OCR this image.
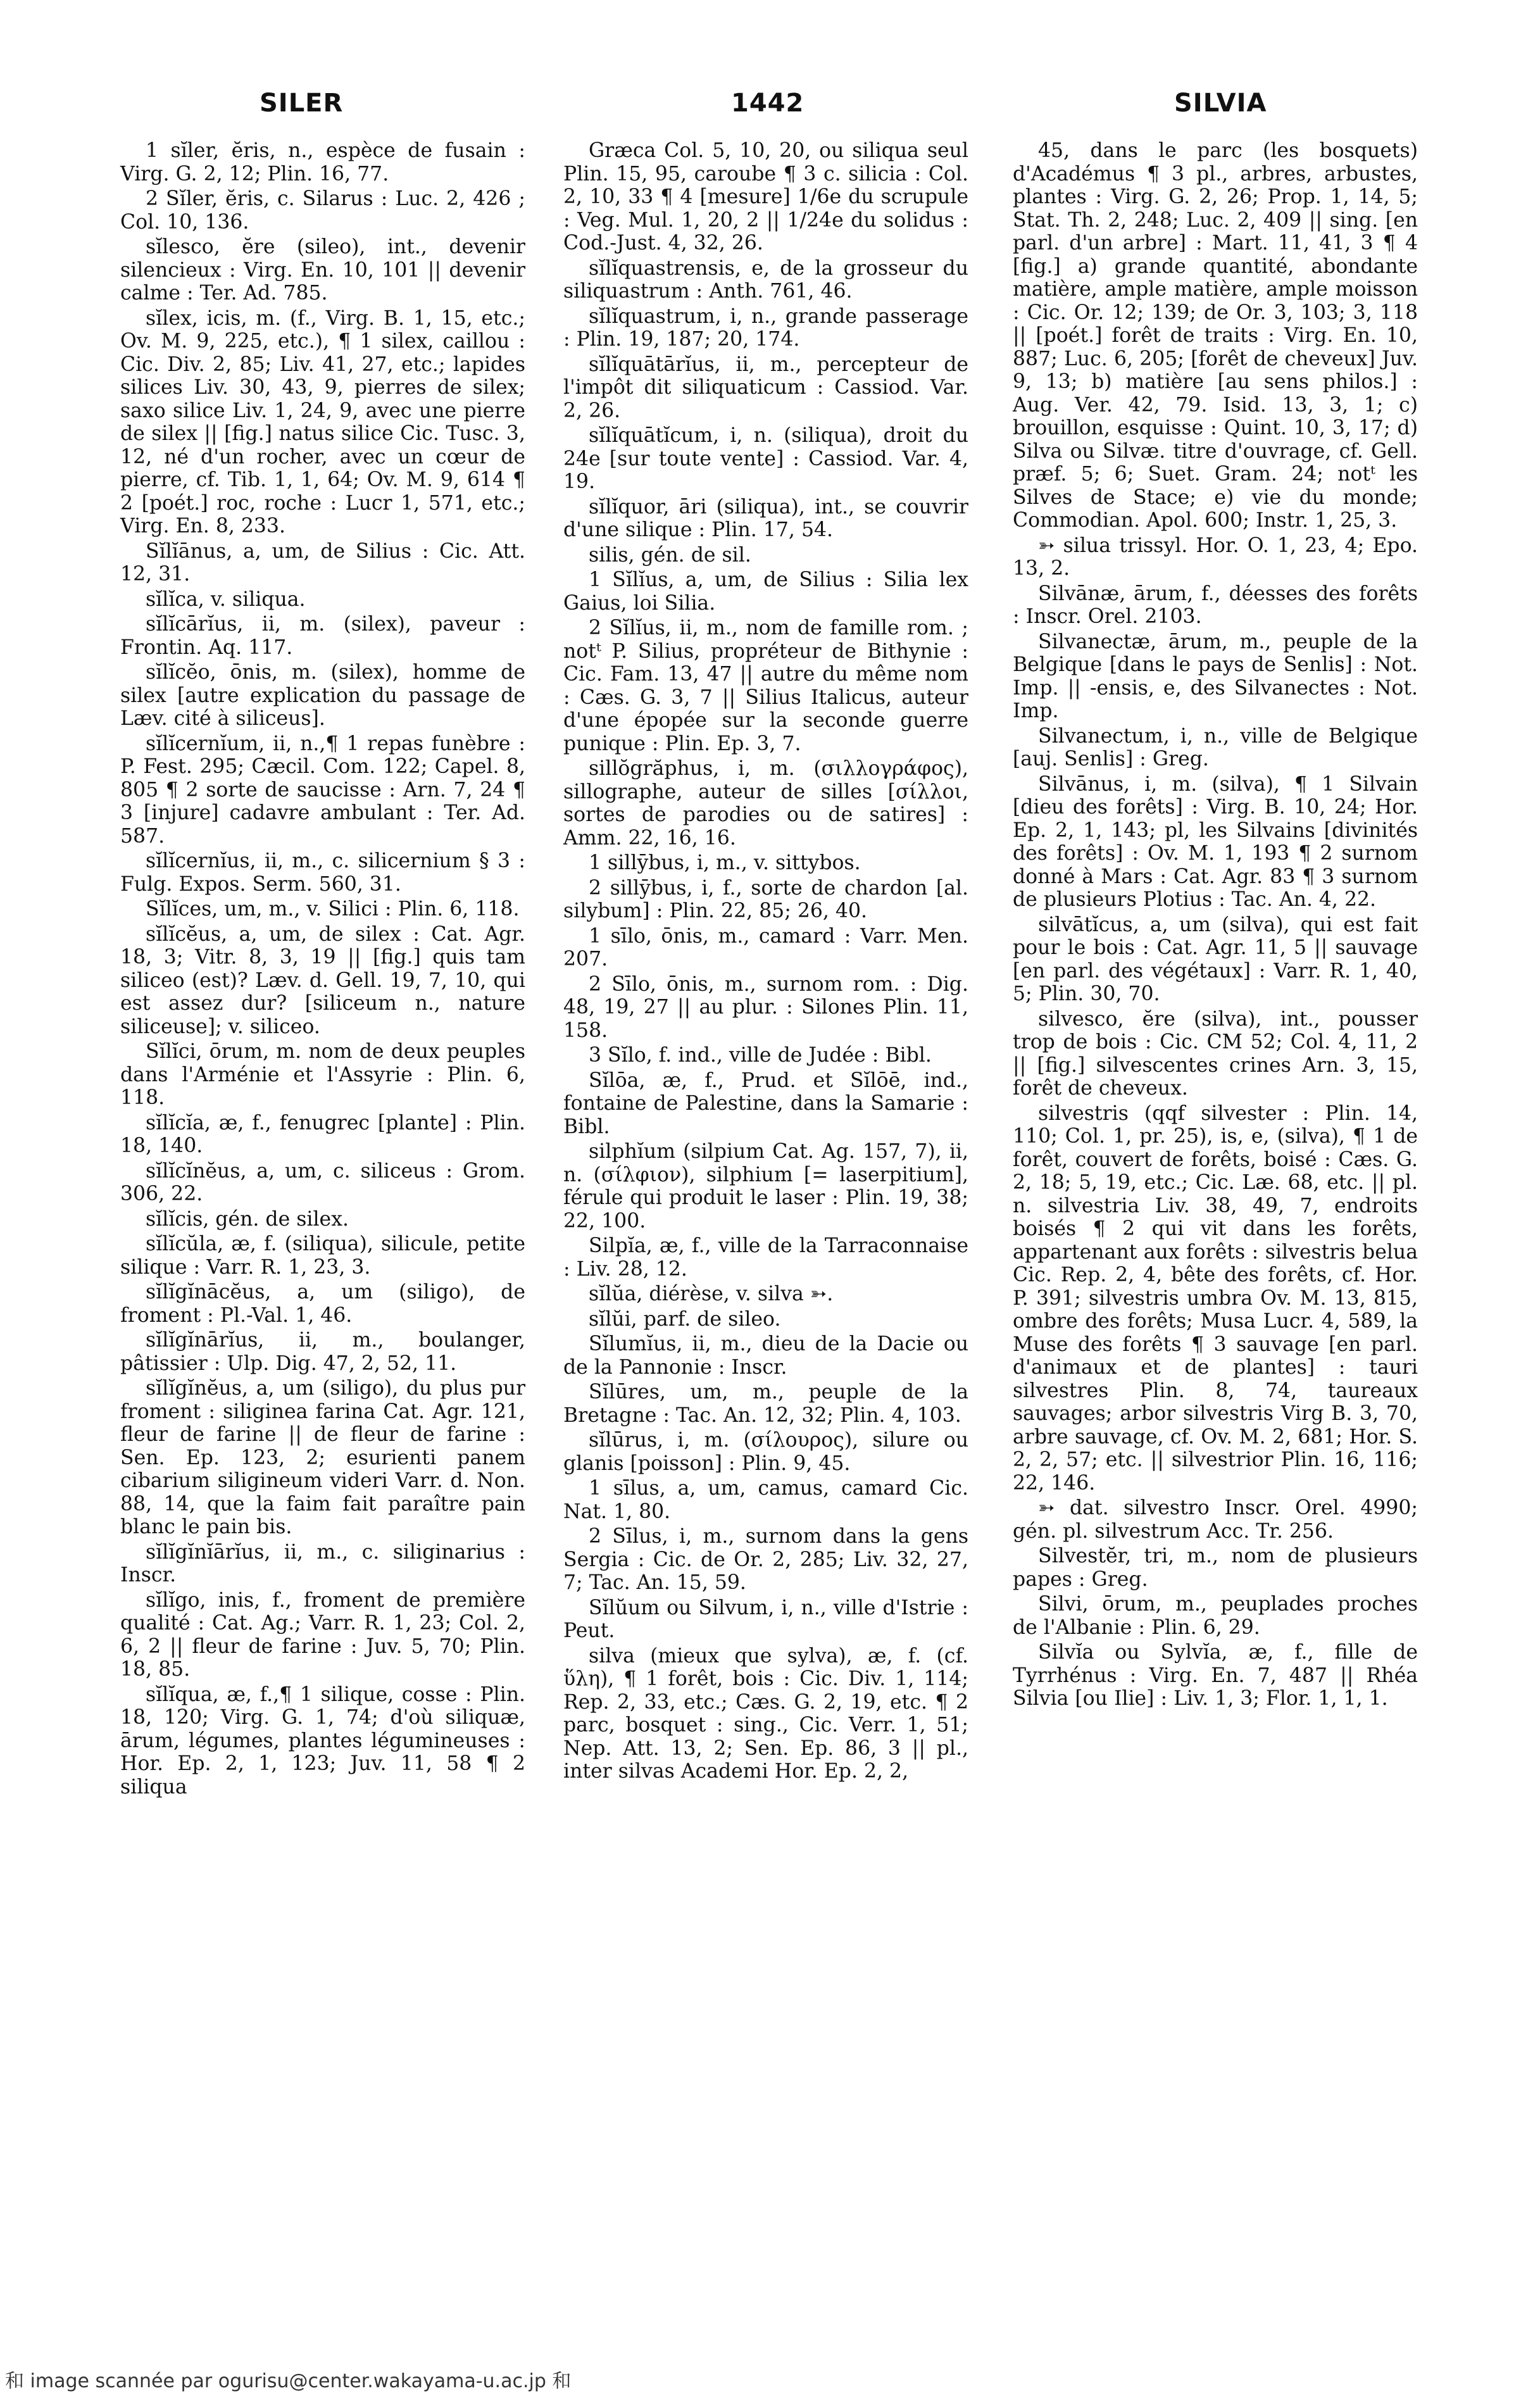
SILER	1442	SILVIA

1 sĭler, ĕris, n., espèce de fusain : Virg. G. 2, 12; Plin. 16, 77.

2 Sĭler, ĕris, c. Silarus : Luc. 2, 426 ; Col. 10, 136.

sĭlesco, ĕre (sileo), int., devenir silencieux : Virg. En. 10, 101 || devenir calme : Ter. Ad. 785.

sĭlex, icis, m. (f., Virg. B. 1, 15, etc.; Ov. M. 9, 225, etc.), ¶ 1 silex, caillou : Cic. Div. 2, 85; Liv. 41, 27, etc.; lapides silices Liv. 30, 43, 9, pierres de silex; saxo silice Liv. 1, 24, 9, avec une pierre de silex || [fig.] natus silice Cic. Tusc. 3, 12, né d'un rocher, avec un cœur de pierre, cf. Tib. 1, 1, 64; Ov. M. 9, 614 ¶ 2 [poét.] roc, roche : Lucr 1, 571, etc.; Virg. En. 8, 233.

Sĭlĭānus, a, um, de Silius : Cic. Att. 12, 31.

sĭlĭca, v. siliqua.

sĭlĭcārĭus, ii, m. (silex), paveur : Frontin. Aq. 117.

sĭlĭcĕo, ōnis, m. (silex), homme de silex [autre explication du passage de Læv. cité à siliceus].

sĭlĭcernĭum, ii, n.,¶ 1 repas funèbre : P. Fest. 295; Cæcil. Com. 122; Capel. 8, 805 ¶ 2 sorte de saucisse : Arn. 7, 24 ¶ 3 [injure] cadavre ambulant : Ter. Ad. 587.

sĭlĭcernĭus, ii, m., c. silicernium § 3 : Fulg. Expos. Serm. 560, 31.

Sĭlĭces, um, m., v. Silici : Plin. 6, 118.

sĭlĭcĕus, a, um, de silex : Cat. Agr. 18, 3; Vitr. 8, 3, 19 || [fig.] quis tam siliceo (est)? Læv. d. Gell. 19, 7, 10, qui est assez dur? [siliceum n., nature siliceuse]; v. siliceo.

Sĭlĭci, ōrum, m. nom de deux peuples dans l'Arménie et l'Assyrie : Plin. 6, 118.

sĭlĭcĭa, æ, f., fenugrec [plante] : Plin. 18, 140.

sĭlĭcĭnĕus, a, um, c. siliceus : Grom. 306, 22.

sĭlĭcis, gén. de silex.

sĭlĭcŭla, æ, f. (siliqua), silicule, petite silique : Varr. R. 1, 23, 3.

sĭlĭgĭnācĕus, a, um (siligo), de froment : Pl.-Val. 1, 46.

sĭlĭgĭnārĭus, ii, m., boulanger, pâtissier : Ulp. Dig. 47, 2, 52, 11.

sĭlĭgĭnĕus, a, um (siligo), du plus pur froment : siliginea farina Cat. Agr. 121, fleur de farine || de fleur de farine : Sen. Ep. 123, 2; esurienti panem cibarium siligineum videri Varr. d. Non. 88, 14, que la faim fait paraître pain blanc le pain bis.

sĭlĭgĭnĭārĭus, ii, m., c. siliginarius : Inscr.

sĭlĭgo, inis, f., froment de première qualité : Cat. Ag.; Varr. R. 1, 23; Col. 2, 6, 2 || fleur de farine : Juv. 5, 70; Plin. 18, 85.

sĭlĭqua, æ, f.,¶ 1 silique, cosse : Plin. 18, 120; Virg. G. 1, 74; d'où siliquæ, ārum, légumes, plantes légumineuses : Hor. Ep. 2, 1, 123; Juv. 11, 58 ¶ 2 siliqua

Græca Col. 5, 10, 20, ou siliqua seul Plin. 15, 95, caroube ¶ 3 c. silicia : Col. 2, 10, 33 ¶ 4 [mesure] 1/6e du scrupule : Veg. Mul. 1, 20, 2 || 1/24e du solidus : Cod.-Just. 4, 32, 26.

sĭlĭquastrensis, e, de la grosseur du siliquastrum : Anth. 761, 46.

sĭlĭquastrum, i, n., grande passerage : Plin. 19, 187; 20, 174.

sĭlĭquātārĭus, ii, m., percepteur de l'impôt dit siliquaticum : Cassiod. Var. 2, 26.

sĭlĭquātĭcum, i, n. (siliqua), droit du 24e [sur toute vente] : Cassiod. Var. 4, 19.

sĭlĭquor, āri (siliqua), int., se couvrir d'une silique : Plin. 17, 54.

silis, gén. de sil.

1 Sĭlĭus, a, um, de Silius : Silia lex Gaius, loi Silia.

2 Sĭlĭus, ii, m., nom de famille rom. ; notᵗ P. Silius, propréteur de Bithynie : Cic. Fam. 13, 47 || autre du même nom : Cæs. G. 3, 7 || Silius Italicus, auteur d'une épopée sur la seconde guerre punique : Plin. Ep. 3, 7.

sillŏgrăphus, i, m. (σιλλογράφος), sillographe, auteur de silles [σίλλοι, sortes de parodies ou de satires] : Amm. 22, 16, 16.

1 sillȳbus, i, m., v. sittybos.

2 sillȳbus, i, f., sorte de chardon [al. silybum] : Plin. 22, 85; 26, 40.

1 sīlo, ōnis, m., camard : Varr. Men. 207.

2 Sīlo, ōnis, m., surnom rom. : Dig. 48, 19, 27 || au plur. : Silones Plin. 11, 158.

3 Sĭlo, f. ind., ville de Judée : Bibl.

Sĭlōa, æ, f., Prud. et Sĭlōē, ind., fontaine de Palestine, dans la Samarie : Bibl.

silphĭum (silpium Cat. Ag. 157, 7), ii, n. (σίλφιον), silphium [= laserpitium], férule qui produit le laser : Plin. 19, 38; 22, 100.

Silpĭa, æ, f., ville de la Tarraconnaise : Liv. 28, 12.

sĭlŭa, diérèse, v. silva ➳.

sĭlŭi, parf. de sileo.

Sĭlumĭus, ii, m., dieu de la Dacie ou de la Pannonie : Inscr.

Sĭlūres, um, m., peuple de la Bretagne : Tac. An. 12, 32; Plin. 4, 103.

sĭlūrus, i, m. (σίλουρος), silure ou glanis [poisson] : Plin. 9, 45.

1 sīlus, a, um, camus, camard Cic. Nat. 1, 80.

2 Sīlus, i, m., surnom dans la gens Sergia : Cic. de Or. 2, 285; Liv. 32, 27, 7; Tac. An. 15, 59.

Sĭlŭum ou Silvum, i, n., ville d'Istrie : Peut.

silva (mieux que sylva), æ, f. (cf. ὕλη), ¶ 1 forêt, bois : Cic. Div. 1, 114; Rep. 2, 33, etc.; Cæs. G. 2, 19, etc. ¶ 2 parc, bosquet : sing., Cic. Verr. 1, 51; Nep. Att. 13, 2; Sen. Ep. 86, 3 || pl., inter silvas Academi Hor. Ep. 2, 2,

45, dans le parc (les bosquets) d'Académus ¶ 3 pl., arbres, arbustes, plantes : Virg. G. 2, 26; Prop. 1, 14, 5; Stat. Th. 2, 248; Luc. 2, 409 || sing. [en parl. d'un arbre] : Mart. 11, 41, 3 ¶ 4 [fig.] a) grande quantité, abondante matière, ample matière, ample moisson : Cic. Or. 12; 139; de Or. 3, 103; 3, 118 || [poét.] forêt de traits : Virg. En. 10, 887; Luc. 6, 205; [forêt de cheveux] Juv. 9, 13; b) matière [au sens philos.] : Aug. Ver. 42, 79. Isid. 13, 3, 1; c) brouillon, esquisse : Quint. 10, 3, 17; d) Silva ou Silvæ. titre d'ouvrage, cf. Gell. præf. 5; 6; Suet. Gram. 24; notᵗ les Silves de Stace; e) vie du monde; Commodian. Apol. 600; Instr. 1, 25, 3.

➳ silua trissyl. Hor. O. 1, 23, 4; Epo. 13, 2.

Silvānæ, ārum, f., déesses des forêts : Inscr. Orel. 2103.

Silvanectæ, ārum, m., peuple de la Belgique [dans le pays de Senlis] : Not. Imp. || -ensis, e, des Silvanectes : Not. Imp.

Silvanectum, i, n., ville de Belgique [auj. Senlis] : Greg.

Silvānus, i, m. (silva), ¶ 1 Silvain [dieu des forêts] : Virg. B. 10, 24; Hor. Ep. 2, 1, 143; pl, les Silvains [divinités des forêts] : Ov. M. 1, 193 ¶ 2 surnom donné à Mars : Cat. Agr. 83 ¶ 3 surnom de plusieurs Plotius : Tac. An. 4, 22.

silvātĭcus, a, um (silva), qui est fait pour le bois : Cat. Agr. 11, 5 || sauvage [en parl. des végétaux] : Varr. R. 1, 40, 5; Plin. 30, 70.

silvesco, ĕre (silva), int., pousser trop de bois : Cic. CM 52; Col. 4, 11, 2 || [fig.] silvescentes crines Arn. 3, 15, forêt de cheveux.

silvestris (qqf silvester : Plin. 14, 110; Col. 1, pr. 25), is, e, (silva), ¶ 1 de forêt, couvert de forêts, boisé : Cæs. G. 2, 18; 5, 19, etc.; Cic. Læ. 68, etc. || pl. n. silvestria Liv. 38, 49, 7, endroits boisés ¶ 2 qui vit dans les forêts, appartenant aux forêts : silvestris belua Cic. Rep. 2, 4, bête des forêts, cf. Hor. P. 391; silvestris umbra Ov. M. 13, 815, ombre des forêts; Musa Lucr. 4, 589, la Muse des forêts ¶ 3 sauvage [en parl. d'animaux et de plantes] : tauri silvestres Plin. 8, 74, taureaux sauvages; arbor silvestris Virg B. 3, 70, arbre sauvage, cf. Ov. M. 2, 681; Hor. S. 2, 2, 57; etc. || silvestrior Plin. 16, 116; 22, 146.

➳ dat. silvestro Inscr. Orel. 4990; gén. pl. silvestrum Acc. Tr. 256.

Silvestĕr, tri, m., nom de plusieurs papes : Greg.

Silvi, ōrum, m., peuplades proches de l'Albanie : Plin. 6, 29.

Silvĭa ou Sylvĭa, æ, f., fille de Tyrrhénus : Virg. En. 7, 487 || Rhéa Silvia [ou Ilie] : Liv. 1, 3; Flor. 1, 1, 1.

和 image scannée par ogurisu@center.wakayama-u.ac.jp 和
